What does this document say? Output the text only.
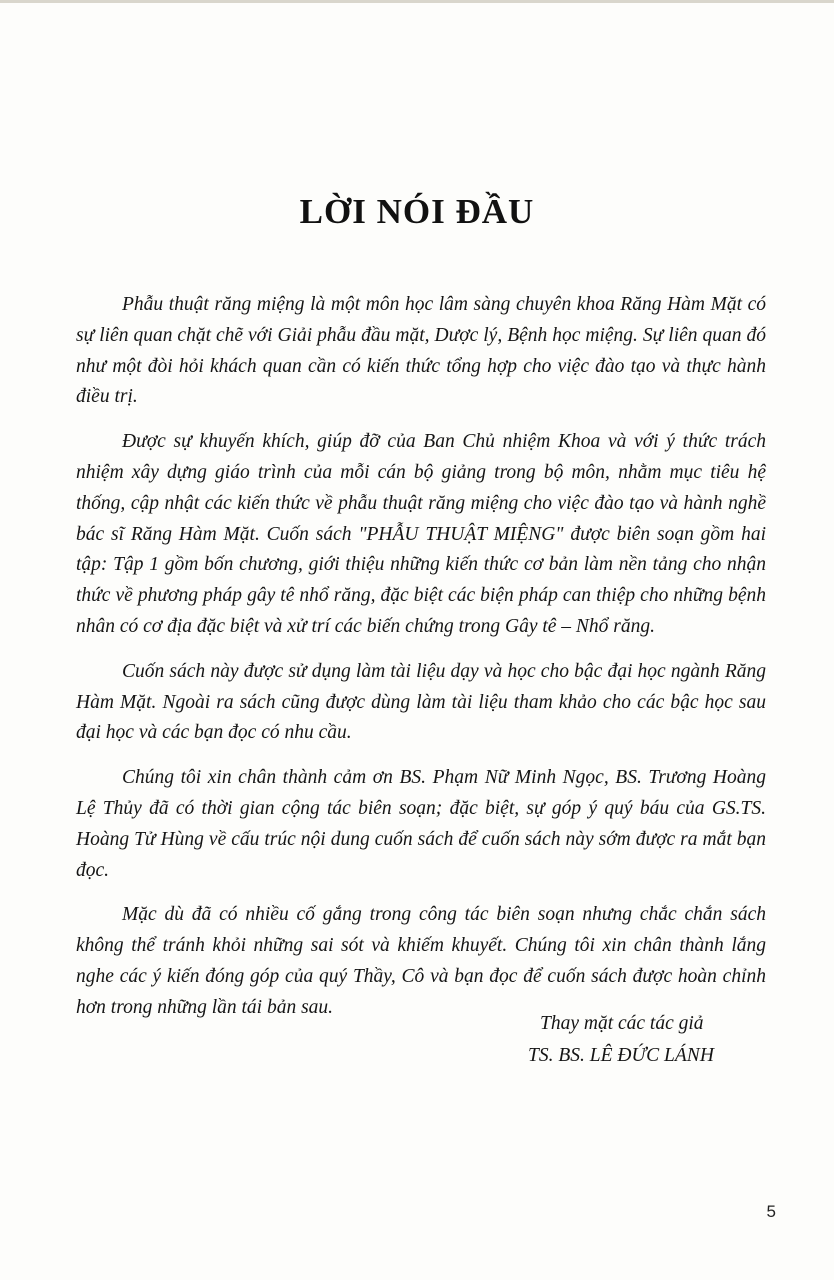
LỜI NÓI ĐẦU

Phẫu thuật răng miệng là một môn học lâm sàng chuyên khoa Răng Hàm Mặt có sự liên quan chặt chẽ với Giải phẫu đầu mặt, Dược lý, Bệnh học miệng. Sự liên quan đó như một đòi hỏi khách quan cần có kiến thức tổng hợp cho việc đào tạo và thực hành điều trị.

Được sự khuyến khích, giúp đỡ của Ban Chủ nhiệm Khoa và với ý thức trách nhiệm xây dựng giáo trình của mỗi cán bộ giảng trong bộ môn, nhằm mục tiêu hệ thống, cập nhật các kiến thức về phẫu thuật răng miệng cho việc đào tạo và hành nghề bác sĩ Răng Hàm Mặt. Cuốn sách "PHẪU THUẬT MIỆNG" được biên soạn gồm hai tập: Tập 1 gồm bốn chương, giới thiệu những kiến thức cơ bản làm nền tảng cho nhận thức về phương pháp gây tê nhổ răng, đặc biệt các biện pháp can thiệp cho những bệnh nhân có cơ địa đặc biệt và xử trí các biến chứng trong Gây tê – Nhổ răng.

Cuốn sách này được sử dụng làm tài liệu dạy và học cho bậc đại học ngành Răng Hàm Mặt. Ngoài ra sách cũng được dùng làm tài liệu tham khảo cho các bậc học sau đại học và các bạn đọc có nhu cầu.

Chúng tôi xin chân thành cảm ơn BS. Phạm Nữ Minh Ngọc, BS. Trương Hoàng Lệ Thủy đã có thời gian cộng tác biên soạn; đặc biệt, sự góp ý quý báu của GS.TS. Hoàng Tử Hùng về cấu trúc nội dung cuốn sách để cuốn sách này sớm được ra mắt bạn đọc.

Mặc dù đã có nhiều cố gắng trong công tác biên soạn nhưng chắc chắn sách không thể tránh khỏi những sai sót và khiếm khuyết. Chúng tôi xin chân thành lắng nghe các ý kiến đóng góp của quý Thầy, Cô và bạn đọc để cuốn sách được hoàn chỉnh hơn trong những lần tái bản sau.

Thay mặt các tác giả
TS. BS. LÊ ĐỨC LÁNH
5
